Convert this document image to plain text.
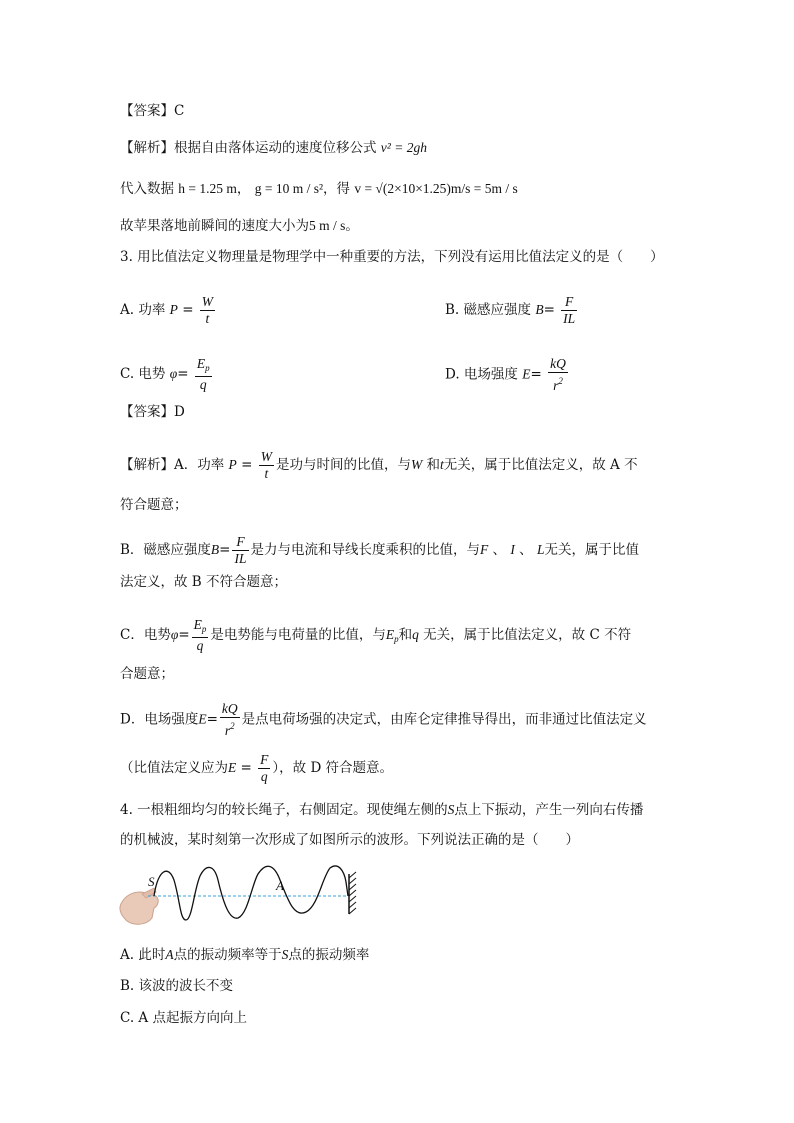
【答案】C
【解析】根据自由落体运动的速度位移公式 v² = 2gh
代入数据 h = 1.25 m， g = 10 m / s²，得 v = √(2×10×1.25)m/s = 5m / s
故苹果落地前瞬间的速度大小为5 m / s。
3. 用比值法定义物理量是物理学中一种重要的方法，下列没有运用比值法定义的是（　　）
A. 功率 $P = \frac{W}{t}$	B. 磁感应强度 $B= \frac{F}{IL}$
C. 电势 $\varphi= \frac{E_p}{q}$	D. 电场强度 $E= \frac{kQ}{r^2}$
【答案】D
【解析】A．功率 $P = \frac{W}{t}$ 是功与时间的比值，与W 和t无关，属于比值法定义，故 A 不
符合题意；
B．磁感应强度$B= \frac{F}{IL}$ 是力与电流和导线长度乘积的比值，与F 、 I 、 L无关，属于比值
法定义，故 B 不符合题意；
C．电势$\varphi= \frac{E_p}{q}$ 是电势能与电荷量的比值，与$E_p$和q 无关，属于比值法定义，故 C 不符
合题意；
D．电场强度$E= \frac{kQ}{r^2}$ 是点电荷场强的决定式，由库仑定律推导得出，而非通过比值法定义
（比值法定义应为$E = \frac{F}{q}$ ），故 D 符合题意。
4. 一根粗细均匀的较长绳子，右侧固定。现使绳左侧的S点上下振动，产生一列向右传播
的机械波，某时刻第一次形成了如图所示的波形。下列说法正确的是（　　）
S	A
A. 此时A点的振动频率等于S点的振动频率
B. 该波的波长不变
C. A 点起振方向向上
